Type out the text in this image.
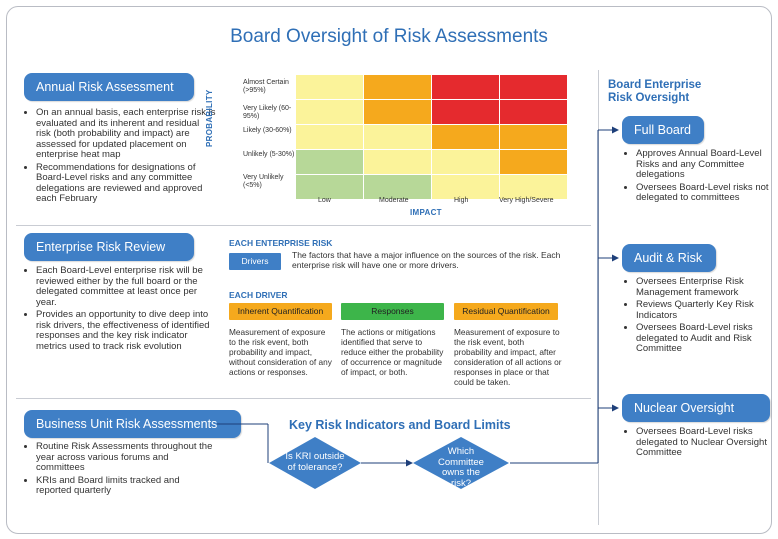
Board Oversight of Risk Assessments
Annual Risk Assessment
• On an annual basis, each enterprise risk is evaluated and its inherent and residual risk (both probability and impact) are assessed for updated placement on enterprise heat map
• Recommendations for designations of Board-Level risks and any committee delegations are reviewed and approved each February
PROBABILITY
IMPACT
Almost Certain (>95%)
Very Likely (60-95%)
Likely (30-60%)
Unlikely (5-30%)
Very Unlikely (<5%)
Low	Moderate	High	Very High/Severe
Enterprise Risk Review
• Each Board-Level enterprise risk will be reviewed either by the full board or the delegated committee at least once per year.
• Provides an opportunity to dive deep into risk drivers, the effectiveness of identified responses and the key risk indicator metrics used to track risk evolution
EACH ENTERPRISE RISK
Drivers
The factors that have a major influence on the sources of the risk. Each enterprise risk will have one or more drivers.
EACH DRIVER
Inherent Quantification	Responses	Residual Quantification
Measurement of exposure to the risk event, both probability and impact, without consideration of any actions or responses.
The actions or mitigations identified that serve to reduce either the probability of occurrence or magnitude of impact, or both.
Measurement of exposure to the risk event, both probability and impact, after consideration of all actions or responses in place or that could be taken.
Business Unit Risk Assessments
• Routine Risk Assessments throughout the year across various forums and committees
• KRIs and Board limits tracked and reported quarterly
Key Risk Indicators and Board Limits
Is KRI outside of tolerance?
Which Committee owns the risk?
Board Enterprise Risk Oversight
Full Board
• Approves Annual Board-Level Risks and any Committee delegations
• Oversees Board-Level risks not delegated to committees
Audit & Risk
• Oversees Enterprise Risk Management framework
• Reviews Quarterly Key Risk Indicators
• Oversees Board-Level risks delegated to Audit and Risk Committee
Nuclear Oversight
• Oversees Board-Level risks delegated to Nuclear Oversight Committee
